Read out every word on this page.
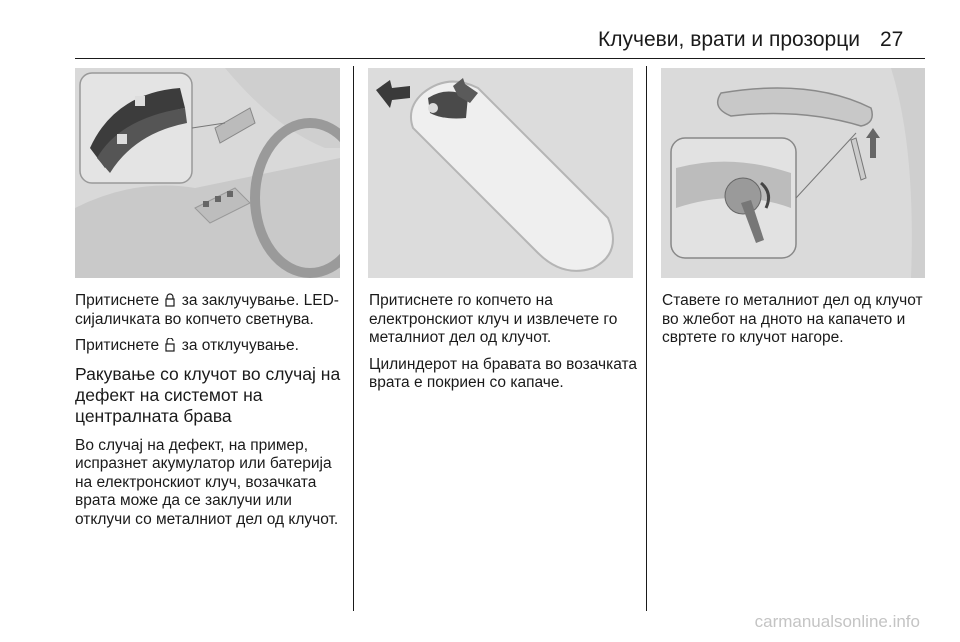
Клучеви, врати и прозорци 27

Притиснете за заклучување. LED-сијаличката во копчето светнува.

Притиснете за отклучување.

Ракување со клучот во случај на дефект на системот на централната брава

Во случај на дефект, на пример, испразнет акумулатор или батерија на електронскиот клуч, возачката врата може да се заклучи или отклучи со металниот дел од клучот.

Притиснете го копчето на електронскиот клуч и извлечете го металниот дел од клучот.

Цилиндерот на бравата во возачката врата е покриен со капаче.

Ставете го металниот дел од клучот во жлебот на дното на капачето и свртете го клучот нагоре.

carmanualsonline.info
